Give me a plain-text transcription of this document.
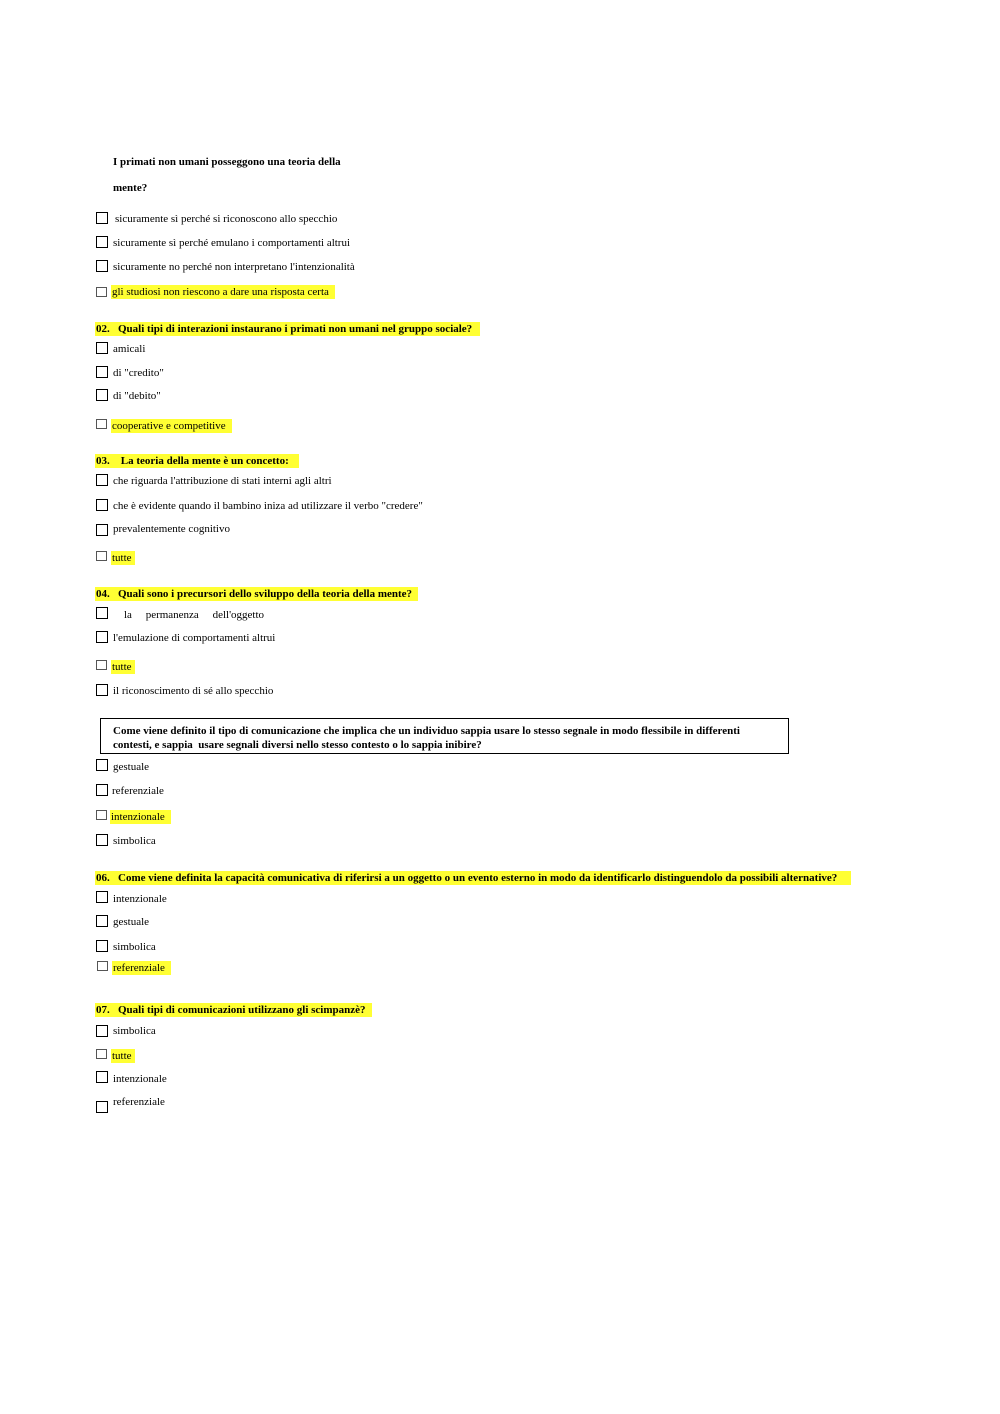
I primati non umani posseggono una teoria della
mente?
sicuramente sì perché si riconoscono allo specchio
sicuramente sì perché emulano i comportamenti altrui
sicuramente no perché non interpretano l'intenzionalità
gli studiosi non riescono a dare una risposta certa
02. Quali tipi di interazioni instaurano i primati non umani nel gruppo sociale?
amicali
di "credito"
di "debito"
cooperative e competitive
03. La teoria della mente è un concetto:
che riguarda l'attribuzione di stati interni agli altri
che è evidente quando il bambino iniza ad utilizzare il verbo "credere"
prevalentemente cognitivo
tutte
04. Quali sono i precursori dello sviluppo della teoria della mente?
la     permanenza     dell'oggetto
l'emulazione di comportamenti altrui
tutte
il riconoscimento di sé allo specchio
Come viene definito il tipo di comunicazione che implica che un individuo sappia usare lo stesso segnale in modo flessibile in differenti
contesti, e sappia  usare segnali diversi nello stesso contesto o lo sappia inibire?
gestuale
referenziale
intenzionale
simbolica
06. Come viene definita la capacità comunicativa di riferirsi a un oggetto o un evento esterno in modo da identificarlo distinguendolo da possibili alternative?
intenzionale
gestuale
simbolica
referenziale
07. Quali tipi di comunicazioni utilizzano gli scimpanzè?
simbolica
tutte
intenzionale
referenziale
